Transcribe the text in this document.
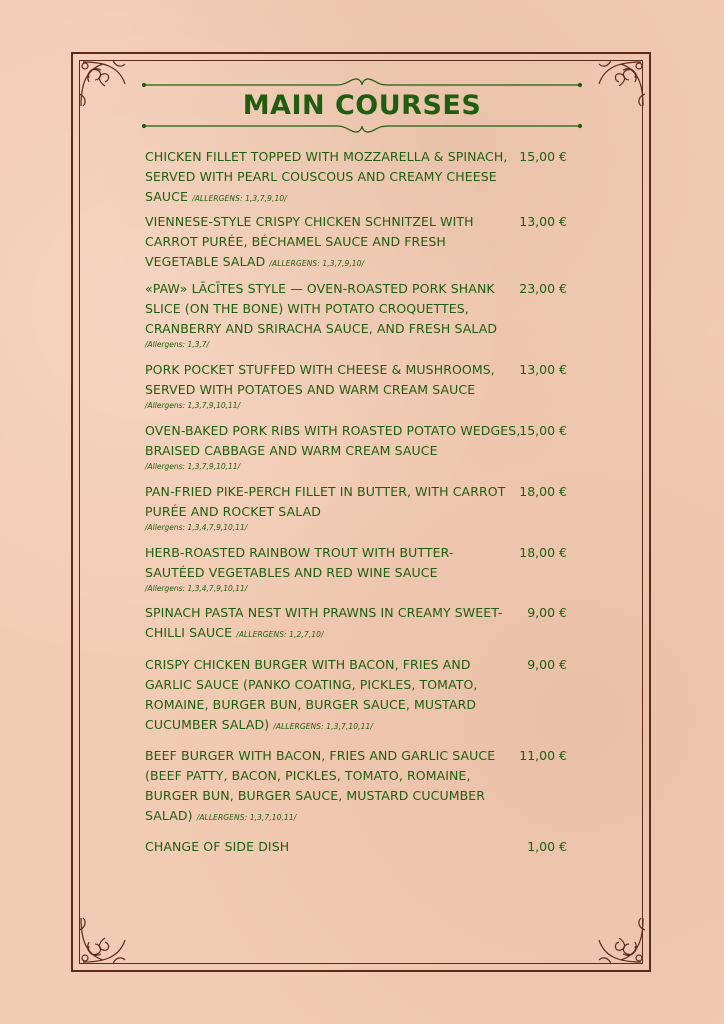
MAIN COURSES
CHICKEN FILLET TOPPED WITH MOZZARELLA & SPINACH, SERVED WITH PEARL COUSCOUS AND CREAMY CHEESE SAUCE /ALLERGENS: 1,3,7,9,10/
15,00 €
VIENNESE-STYLE CRISPY CHICKEN SCHNITZEL WITH CARROT PURÉE, BÉCHAMEL SAUCE AND FRESH VEGETABLE SALAD /ALLERGENS: 1,3,7,9,10/
13,00 €
«PAW» LĀCĪTES STYLE — OVEN-ROASTED PORK SHANK SLICE (ON THE BONE) WITH POTATO CROQUETTES, CRANBERRY AND SRIRACHA SAUCE, AND FRESH SALAD
/Allergens: 1,3,7/
23,00 €
PORK POCKET STUFFED WITH CHEESE & MUSHROOMS, SERVED WITH POTATOES AND WARM CREAM SAUCE
/Allergens: 1,3,7,9,10,11/
13,00 €
OVEN-BAKED PORK RIBS WITH ROASTED POTATO WEDGES, BRAISED CABBAGE AND WARM CREAM SAUCE
/Allergens: 1,3,7,9,10,11/
15,00 €
PAN-FRIED PIKE-PERCH FILLET IN BUTTER, WITH CARROT PURÉE AND ROCKET SALAD
/Allergens: 1,3,4,7,9,10,11/
18,00 €
HERB-ROASTED RAINBOW TROUT WITH BUTTER-SAUTÉED VEGETABLES AND RED WINE SAUCE
/Allergens: 1,3,4,7,9,10,11/
18,00 €
SPINACH PASTA NEST WITH PRAWNS IN CREAMY SWEET-CHILLI SAUCE /ALLERGENS: 1,2,7,10/
9,00 €
CRISPY CHICKEN BURGER WITH BACON, FRIES AND GARLIC SAUCE (PANKO COATING, PICKLES, TOMATO, ROMAINE, BURGER BUN, BURGER SAUCE, MUSTARD CUCUMBER SALAD) /ALLERGENS: 1,3,7,10,11/
9,00 €
BEEF BURGER WITH BACON, FRIES AND GARLIC SAUCE (BEEF PATTY, BACON, PICKLES, TOMATO, ROMAINE, BURGER BUN, BURGER SAUCE, MUSTARD CUCUMBER SALAD) /ALLERGENS: 1,3,7,10,11/
11,00 €
CHANGE OF SIDE DISH	1,00 €
